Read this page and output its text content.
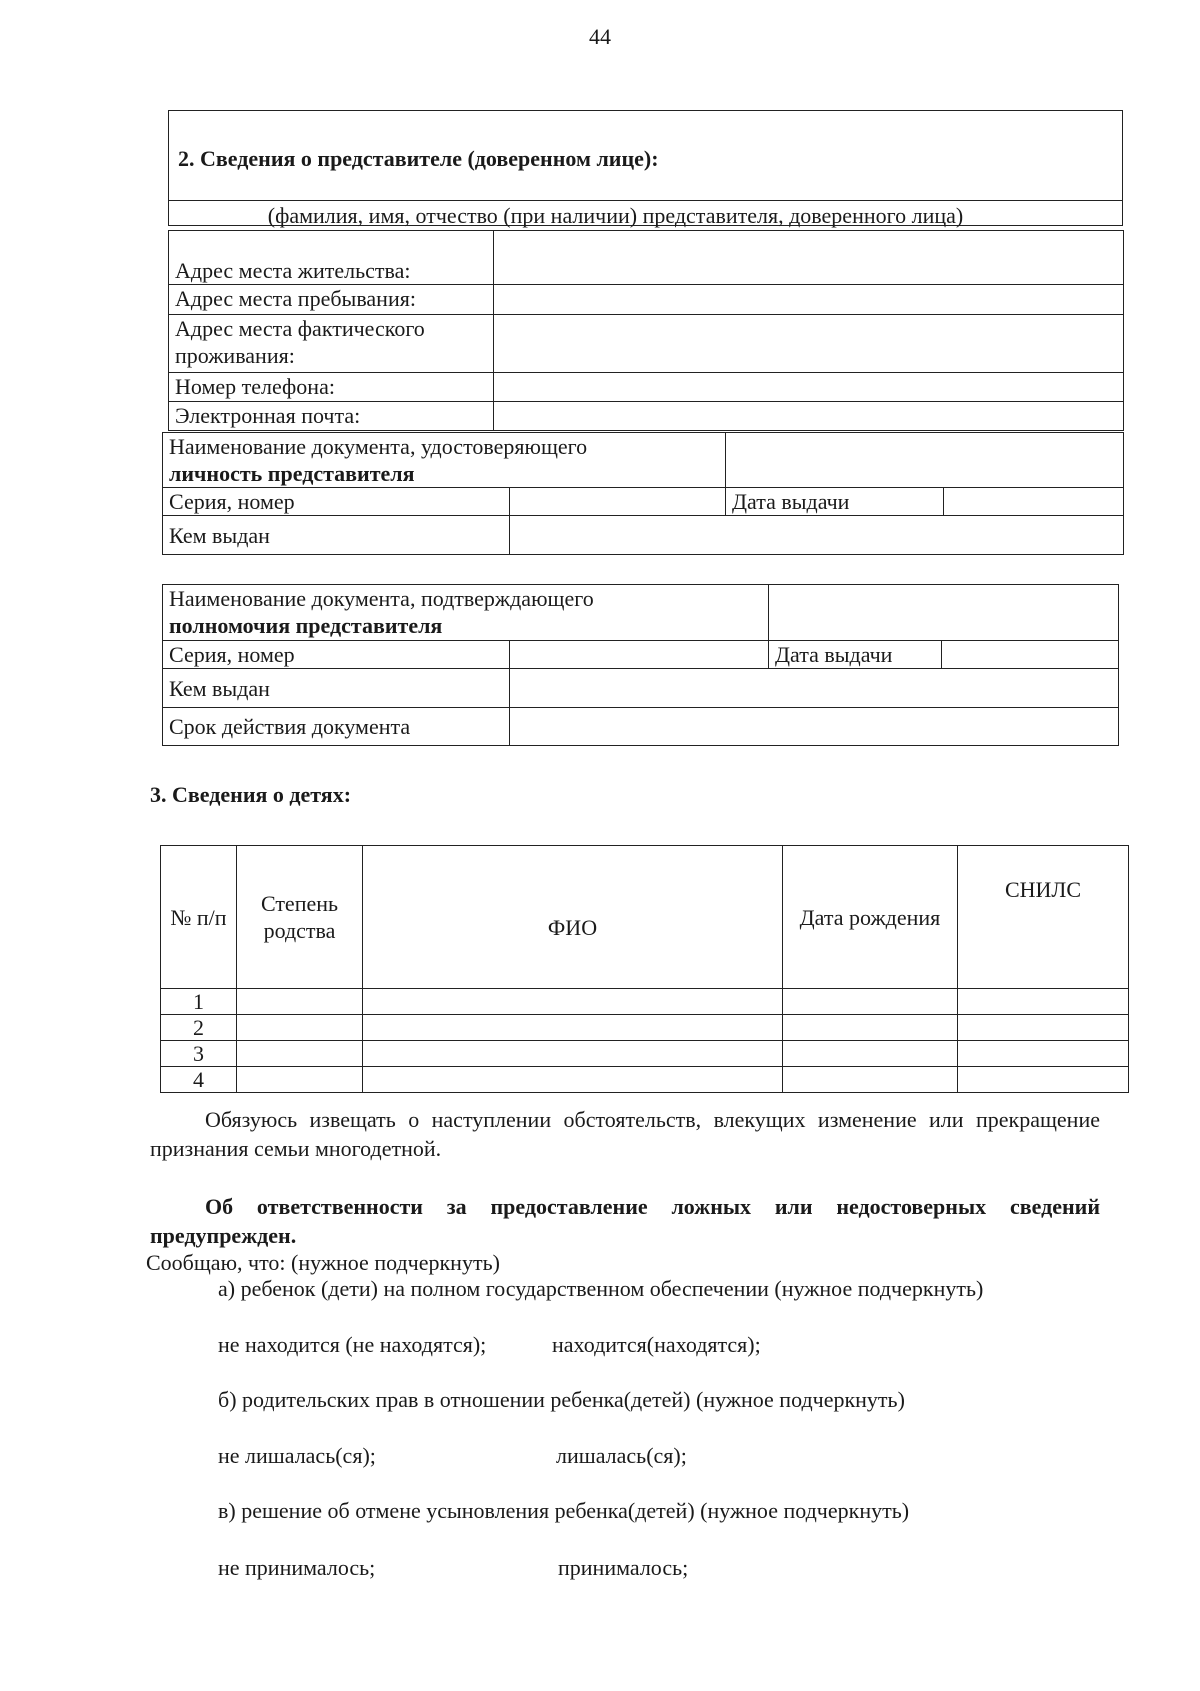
44
2. Сведения о представителе (доверенном лице):
(фамилия, имя, отчество (при наличии) представителя, доверенного лица)
Адрес места жительства:	
Адрес места пребывания:	
Адрес места фактического проживания:	
Номер телефона:	
Электронная почта:	
Наименование документа, удостоверяющего
личность представителя			

Серия, номер		Дата выдачи	
Кем выдан			
Наименование документа, подтверждающего
полномочия представителя			

Серия, номер		Дата выдачи	
Кем выдан			
Срок действия документа			
3. Сведения о детях:
№ п/п	Степень родства	ФИО	Дата рождения	СНИЛС
1				
2				
3				
4				
Обязуюсь извещать о наступлении обстоятельств, влекущих изменение или прекращение признания семьи многодетной.
Об ответственности за предоставление ложных или недостоверных сведений предупрежден.
Сообщаю, что: (нужное подчеркнуть)
а) ребенок (дети) на полном государственном обеспечении (нужное подчеркнуть)
не находится (не находятся);	находится(находятся);
б) родительских прав в отношении ребенка(детей) (нужное подчеркнуть)
не лишалась(ся);	лишалась(ся);
в) решение об отмене усыновления ребенка(детей) (нужное подчеркнуть)
не принималось;	принималось;
